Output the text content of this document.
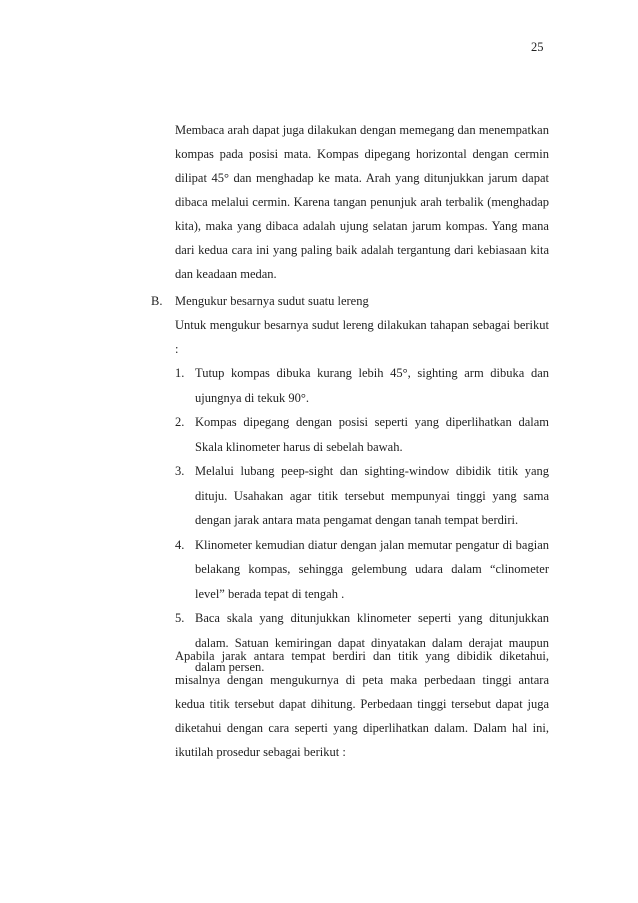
25

Membaca arah dapat juga dilakukan dengan memegang dan menempatkan kompas pada posisi mata. Kompas dipegang horizontal dengan cermin dilipat 45° dan menghadap ke mata. Arah yang ditunjukkan jarum dapat dibaca melalui cermin. Karena tangan penunjuk arah terbalik (menghadap kita), maka yang dibaca adalah ujung selatan jarum kompas. Yang mana dari kedua cara ini yang paling baik adalah tergantung dari kebiasaan kita dan keadaan medan.

B. Mengukur besarnya sudut suatu lereng

Untuk mengukur besarnya sudut lereng dilakukan tahapan sebagai berikut :

1. Tutup kompas dibuka kurang lebih 45°, sighting arm dibuka dan ujungnya di tekuk 90°.
2. Kompas dipegang dengan posisi seperti yang diperlihatkan dalam Skala klinometer harus di sebelah bawah.
3. Melalui lubang peep-sight dan sighting-window dibidik titik yang dituju. Usahakan agar titik tersebut mempunyai tinggi yang sama dengan jarak antara mata pengamat dengan tanah tempat berdiri.
4. Klinometer kemudian diatur dengan jalan memutar pengatur di bagian belakang kompas, sehingga gelembung udara dalam “clinometer level” berada tepat di tengah .
5. Baca skala yang ditunjukkan klinometer seperti yang ditunjukkan dalam. Satuan kemiringan dapat dinyatakan dalam derajat maupun dalam persen.

Apabila jarak antara tempat berdiri dan titik yang dibidik diketahui, misalnya dengan mengukurnya di peta maka perbedaan tinggi antara kedua titik tersebut dapat dihitung. Perbedaan tinggi tersebut dapat juga diketahui dengan cara seperti yang diperlihatkan dalam. Dalam hal ini, ikutilah prosedur sebagai berikut :
